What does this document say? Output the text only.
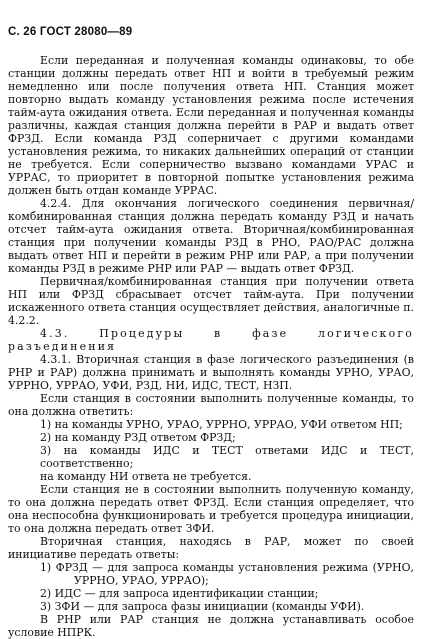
С. 26 ГОСТ 28080—89

Если переданная и полученная команды одинаковы, то обе станции должны передать ответ НП и войти в требуемый режим немедленно или после получения ответа НП. Станция может повторно выдать команду установления режима после истечения тайм-аута ожидания ответа. Если переданная и полученная команды различны, каждая станция должна перейти в РАР и выдать ответ ФРЗД. Если команда РЗД соперничает с другими командами установления режима, то никаких дальнейших операций от станции не требуется. Если соперничество вызвано командами УРАС и УРРАС, то приоритет в повторной попытке установления режима должен быть отдан команде УРРАС.

4.2.4. Для окончания логического соединения первичная/комбинированная станция должна передать команду РЗД и начать отсчет тайм-аута ожидания ответа. Вторичная/комбинированная станция при получении команды РЗД в РНО, РАО/РАС должна выдать ответ НП и перейти в режим РНР или РАР, а при получении команды РЗД в режиме РНР или РАР — выдать ответ ФРЗД.

Первичная/комбинированная станция при получении ответа НП или ФРЗД сбрасывает отсчет тайм-аута. При получении искаженного ответа станция осуществляет действия, аналогичные п. 4.2.2.

4.3. Процедуры в фазе логического разъединения

4.3.1. Вторичная станция в фазе логического разъединения (в РНР и РАР) должна принимать и выполнять команды УРНО, УРАО, УРРНО, УРРАО, УФИ, РЗД, НИ, ИДС, ТЕСТ, НЗП.

Если станция в состоянии выполнить полученные команды, то она должна ответить:

1) на команды УРНО, УРАО, УРРНО, УРРАО, УФИ ответом НП;

2) на команду РЗД ответом ФРЗД;

3) на команды ИДС и ТЕСТ ответами ИДС и ТЕСТ, соответственно;

на команду НИ ответа не требуется.

Если станция не в состоянии выполнить полученную команду, то она должна передать ответ ФРЗД. Если станция определяет, что она неспособна функционировать и требуется процедура инициации, то она должна передать ответ ЗФИ.

Вторичная станция, находясь в РАР, может по своей инициативе передать ответы:

1) ФРЗД — для запроса команды установления режима (УРНО, УРРНО, УРАО, УРРАО);

2) ИДС — для запроса идентификации станции;

3) ЗФИ — для запроса фазы инициации (команды УФИ).

В РНР или РАР станция не должна устанавливать особое условие НПРК.
